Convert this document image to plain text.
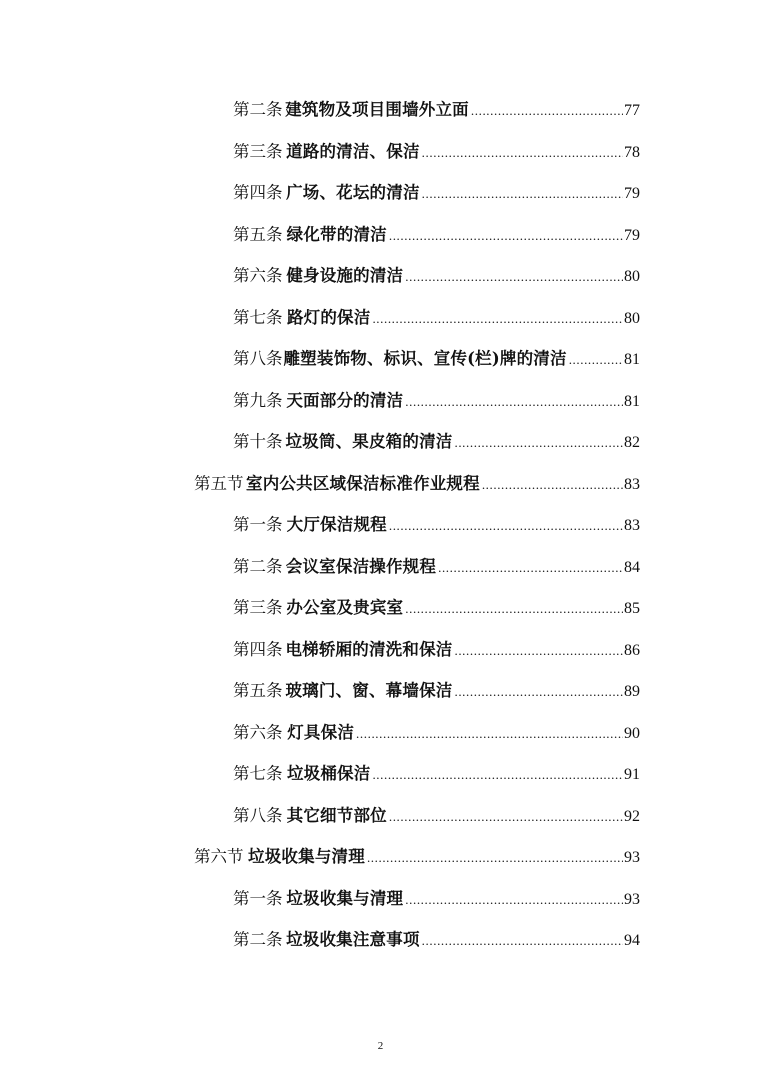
第二条 建筑物及项目围墙外立面 .....	77
第三条 道路的清洁、保洁 .....	78
第四条 广场、花坛的清洁 .....	79
第五条 绿化带的清洁 .....	79
第六条 健身设施的清洁 .....	80
第七条 路灯的保洁 .....	80
第八条 雕塑装饰物、标识、宣传(栏)牌的清洁 .....	81
第九条 天面部分的清洁 .....	81
第十条 垃圾筒、果皮箱的清洁 .....	82
第五节 室内公共区域保洁标准作业规程 .....	83
第一条 大厅保洁规程 .....	83
第二条 会议室保洁操作规程 .....	84
第三条 办公室及贵宾室 .....	85
第四条 电梯轿厢的清洗和保洁 .....	86
第五条 玻璃门、窗、幕墙保洁 .....	89
第六条 灯具保洁 .....	90
第七条 垃圾桶保洁 .....	91
第八条 其它细节部位 .....	92
第六节 垃圾收集与清理 .....	93
第一条 垃圾收集与清理 .....	93
第二条 垃圾收集注意事项 .....	94
2
